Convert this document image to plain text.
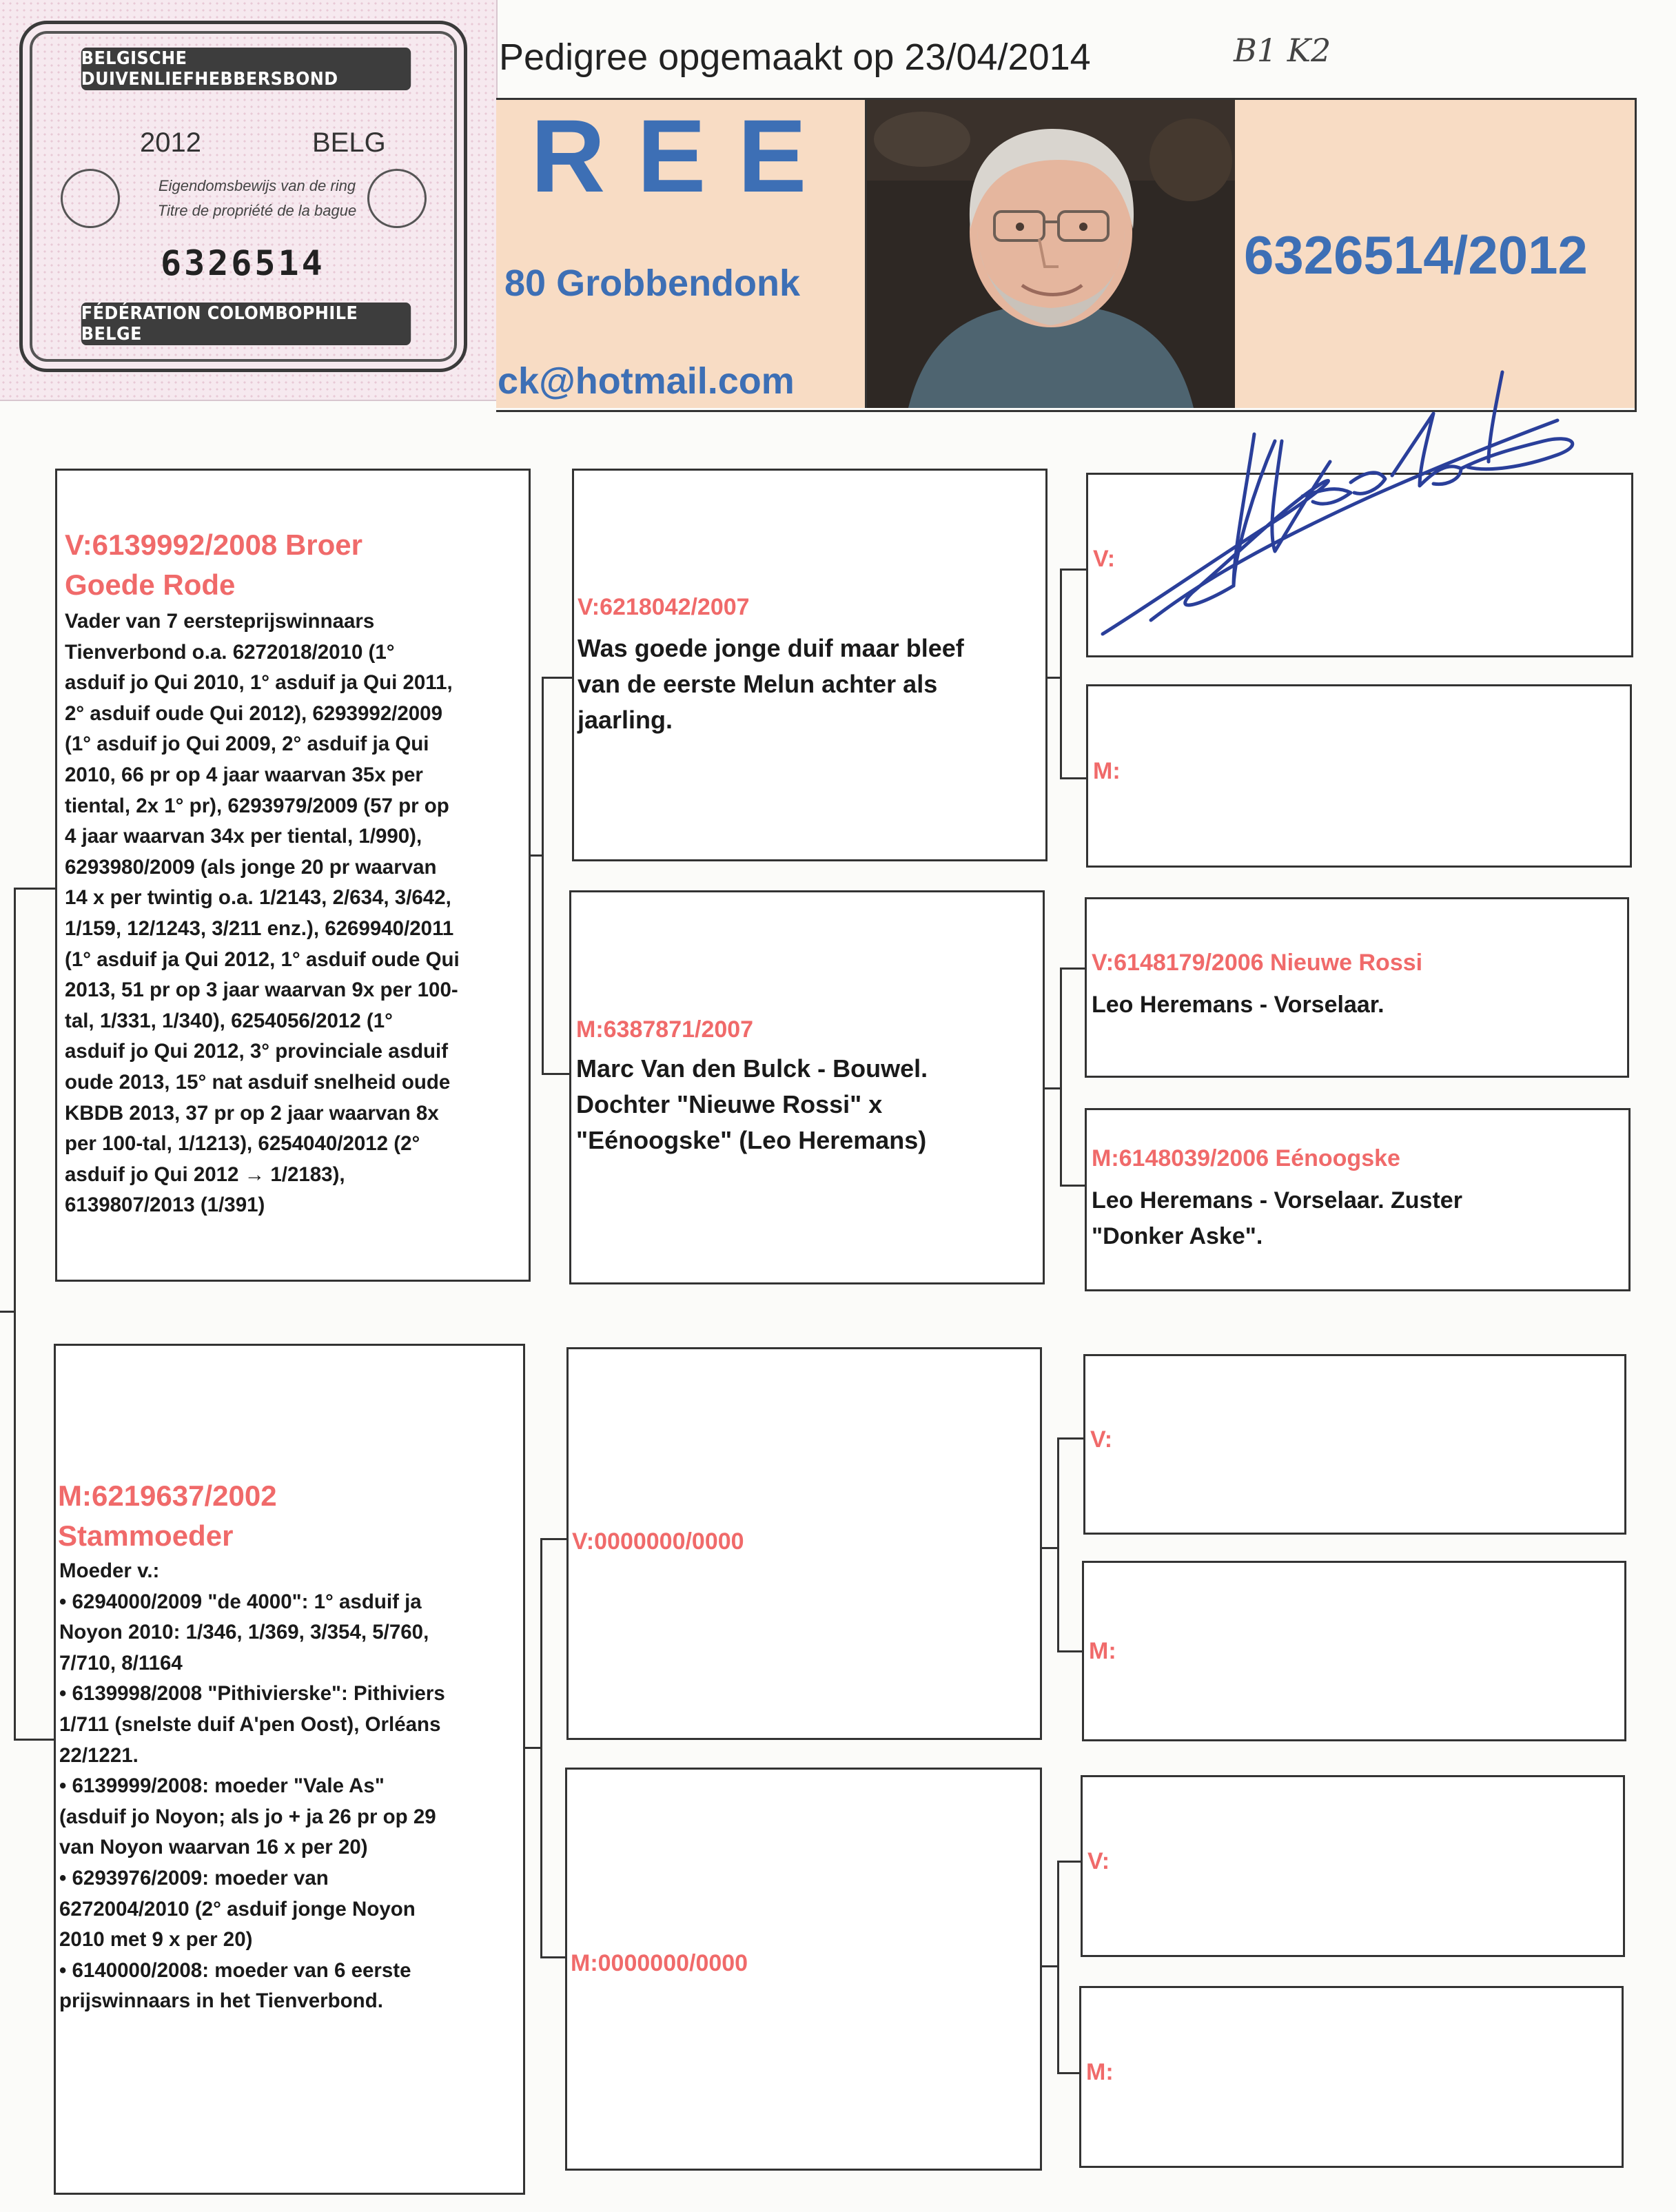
BELGISCHE DUIVENLIEFHEBBERSBOND
2012	BELG
Eigendomsbewijs van de ring
Titre de propriété de la bague
6326514
FÉDÉRATION COLOMBOPHILE BELGE
Pedigree opgemaakt op 23/04/2014	B1 K2
REE
80 Grobbendonk
ck@hotmail.com
6326514/2012
V:6139992/2008 Broer
Goede Rode
Vader van 7 eersteprijswinnaars
Tienverbond o.a. 6272018/2010 (1°
asduif jo Qui 2010, 1° asduif ja Qui 2011,
2° asduif oude Qui 2012), 6293992/2009
(1° asduif jo Qui 2009, 2° asduif ja Qui
2010, 66 pr op 4 jaar waarvan 35x per
tiental, 2x 1° pr), 6293979/2009 (57 pr op
4 jaar waarvan 34x per tiental, 1/990),
6293980/2009 (als jonge 20 pr waarvan
14 x per twintig o.a. 1/2143, 2/634, 3/642,
1/159, 12/1243, 3/211 enz.), 6269940/2011
(1° asduif ja Qui 2012, 1° asduif oude Qui
2013, 51 pr op 3 jaar waarvan 9x per 100-
tal, 1/331, 1/340), 6254056/2012 (1°
asduif jo Qui 2012, 3° provinciale asduif
oude 2013, 15° nat asduif snelheid oude
KBDB 2013, 37 pr op 2 jaar waarvan 8x
per 100-tal, 1/1213), 6254040/2012 (2°
asduif jo Qui 2012 → 1/2183),
6139807/2013 (1/391)
M:6219637/2002
Stammoeder
Moeder v.:
• 6294000/2009 "de 4000": 1° asduif ja
Noyon 2010: 1/346, 1/369, 3/354, 5/760,
7/710, 8/1164
• 6139998/2008 "Pithivierske": Pithiviers
1/711 (snelste duif A'pen Oost), Orléans
22/1221.
• 6139999/2008: moeder "Vale As"
(asduif jo Noyon; als jo + ja 26 pr op 29
van Noyon waarvan 16 x per 20)
• 6293976/2009: moeder van
6272004/2010 (2° asduif jonge Noyon
2010 met 9 x per 20)
• 6140000/2008: moeder van 6 eerste
prijswinnaars in het Tienverbond.
V:6218042/2007
Was goede jonge duif maar bleef
van de eerste Melun achter als
jaarling.
M:6387871/2007
Marc Van den Bulck - Bouwel.
Dochter "Nieuwe Rossi" x
"Eénoogske" (Leo Heremans)
V:0000000/0000
M:0000000/0000
V:
M:
V:6148179/2006 Nieuwe Rossi
Leo Heremans - Vorselaar.
M:6148039/2006 Eénoogske
Leo Heremans - Vorselaar. Zuster
"Donker Aske".
V:
M:
V:
M:
